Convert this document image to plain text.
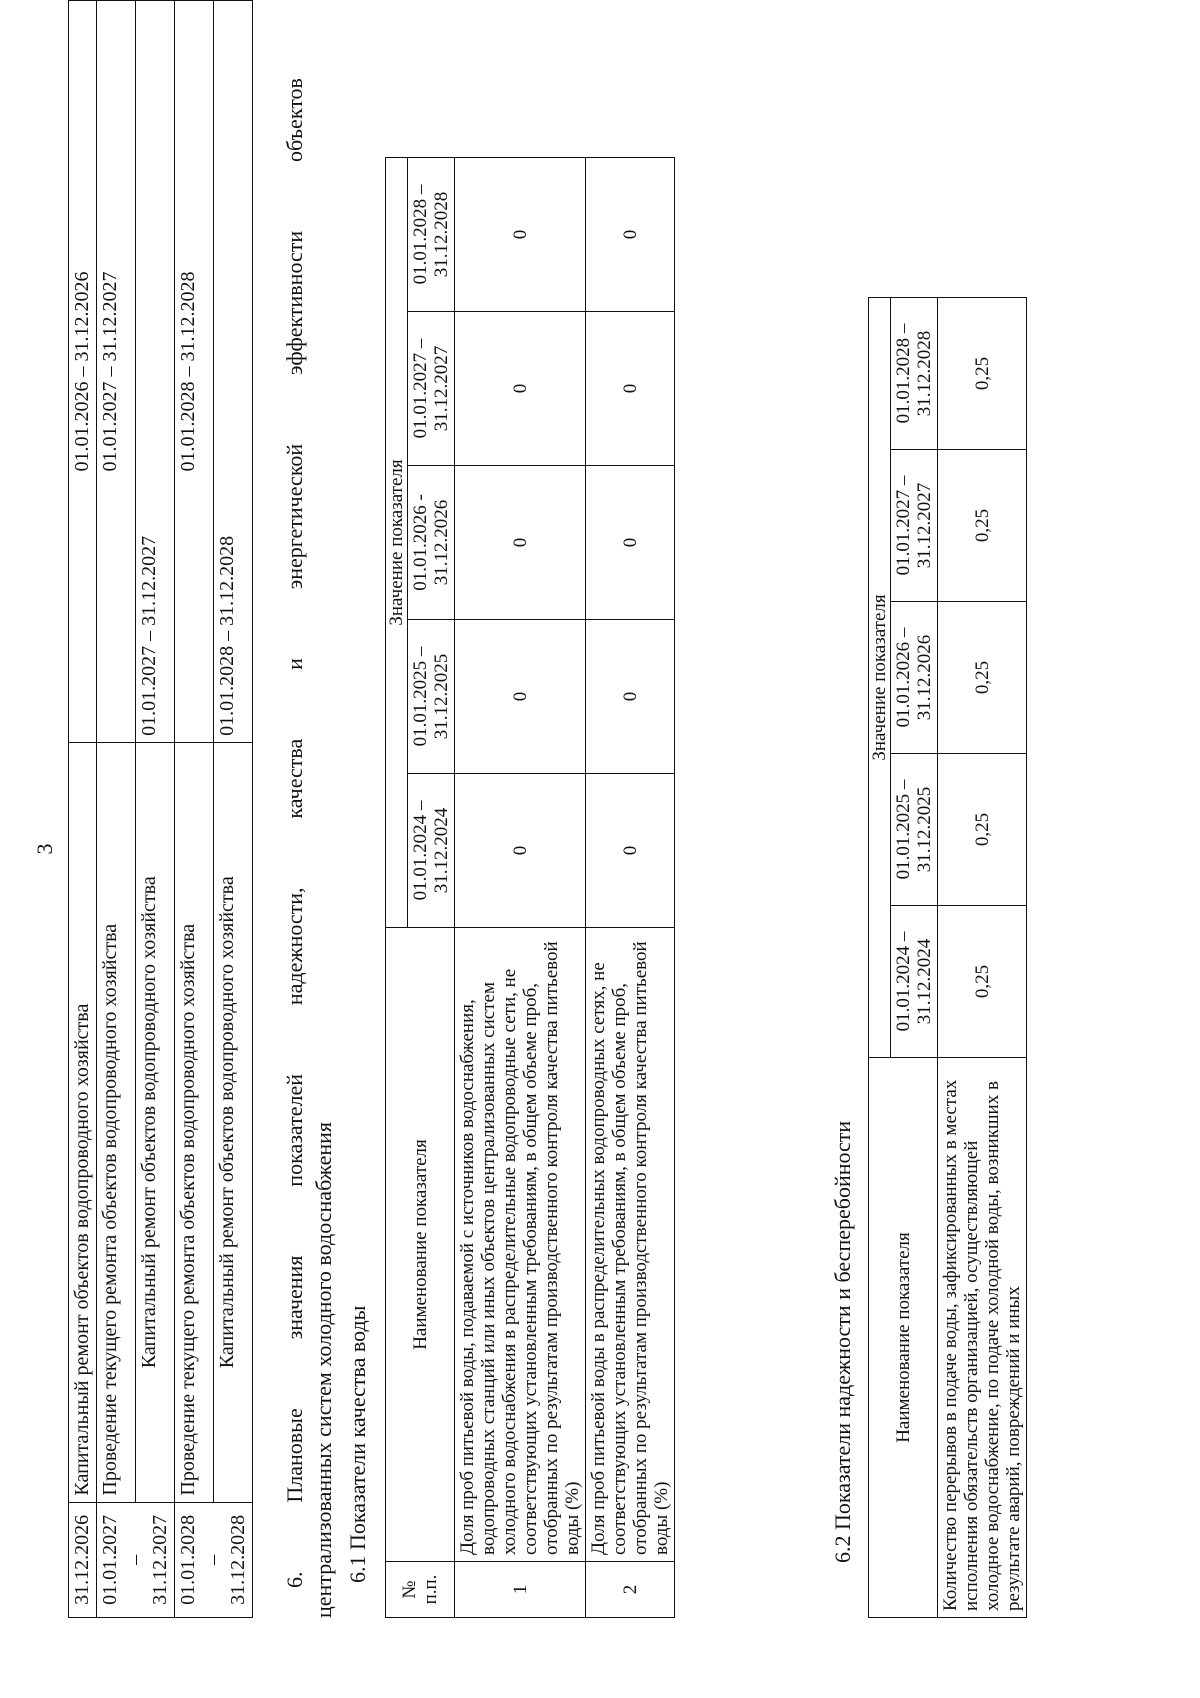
3
31.12.2026	Капитальный ремонт объектов водопроводного хозяйства	01.01.2026 – 31.12.2026
01.01.2027 – 31.12.2027	Проведение текущего ремонта объектов водопроводного хозяйства	01.01.2027 – 31.12.2027
	Капитальный ремонт объектов водопроводного хозяйства	01.01.2027 – 31.12.2027
01.01.2028 – 31.12.2028	Проведение текущего ремонта объектов водопроводного хозяйства	01.01.2028 – 31.12.2028
	Капитальный ремонт объектов водопроводного хозяйства	01.01.2028 – 31.12.2028
6.
Плановые
значения
показателей
надежности,
качества
и
энергетической
эффективности
объектов
централизованных систем холодного водоснабжения 6.1 Показатели качества воды
№ п.п.	Наименование показателя	Значение показателя				
		01.01.2024 – 31.12.2024	01.01.2025 – 31.12.2025	01.01.2026 - 31.12.2026	01.01.2027 – 31.12.2027	01.01.2028 – 31.12.2028
1	Доля проб питьевой воды, подаваемой с источников водоснабжения, водопроводных станций или иных объектов централизованных систем холодного водоснабжения в распределительные водопроводные сети, не соответствующих установленным требованиям, в общем объеме проб, отобранных по результатам производственного контроля качества питьевой воды (%)	0	0	0	0	0
2	Доля проб питьевой воды в распределительных водопроводных сетях, не соответствующих установленным требованиям, в общем объеме проб, отобранных по результатам производственного контроля качества питьевой воды (%)	0	0	0	0	0
6.2 Показатели надежности и бесперебойности Наименование показателя	Значение показателя				
	01.01.2024 – 31.12.2024	01.01.2025 – 31.12.2025	01.01.2026 – 31.12.2026	01.01.2027 – 31.12.2027	01.01.2028 – 31.12.2028
Количество перерывов в подаче воды, зафиксированных в местах исполнения обязательств организацией, осуществляющей холодное водоснабжение, по подаче холодной воды, возникших в результате аварий, повреждений и иных	0,25	0,25	0,25	0,25	0,25
